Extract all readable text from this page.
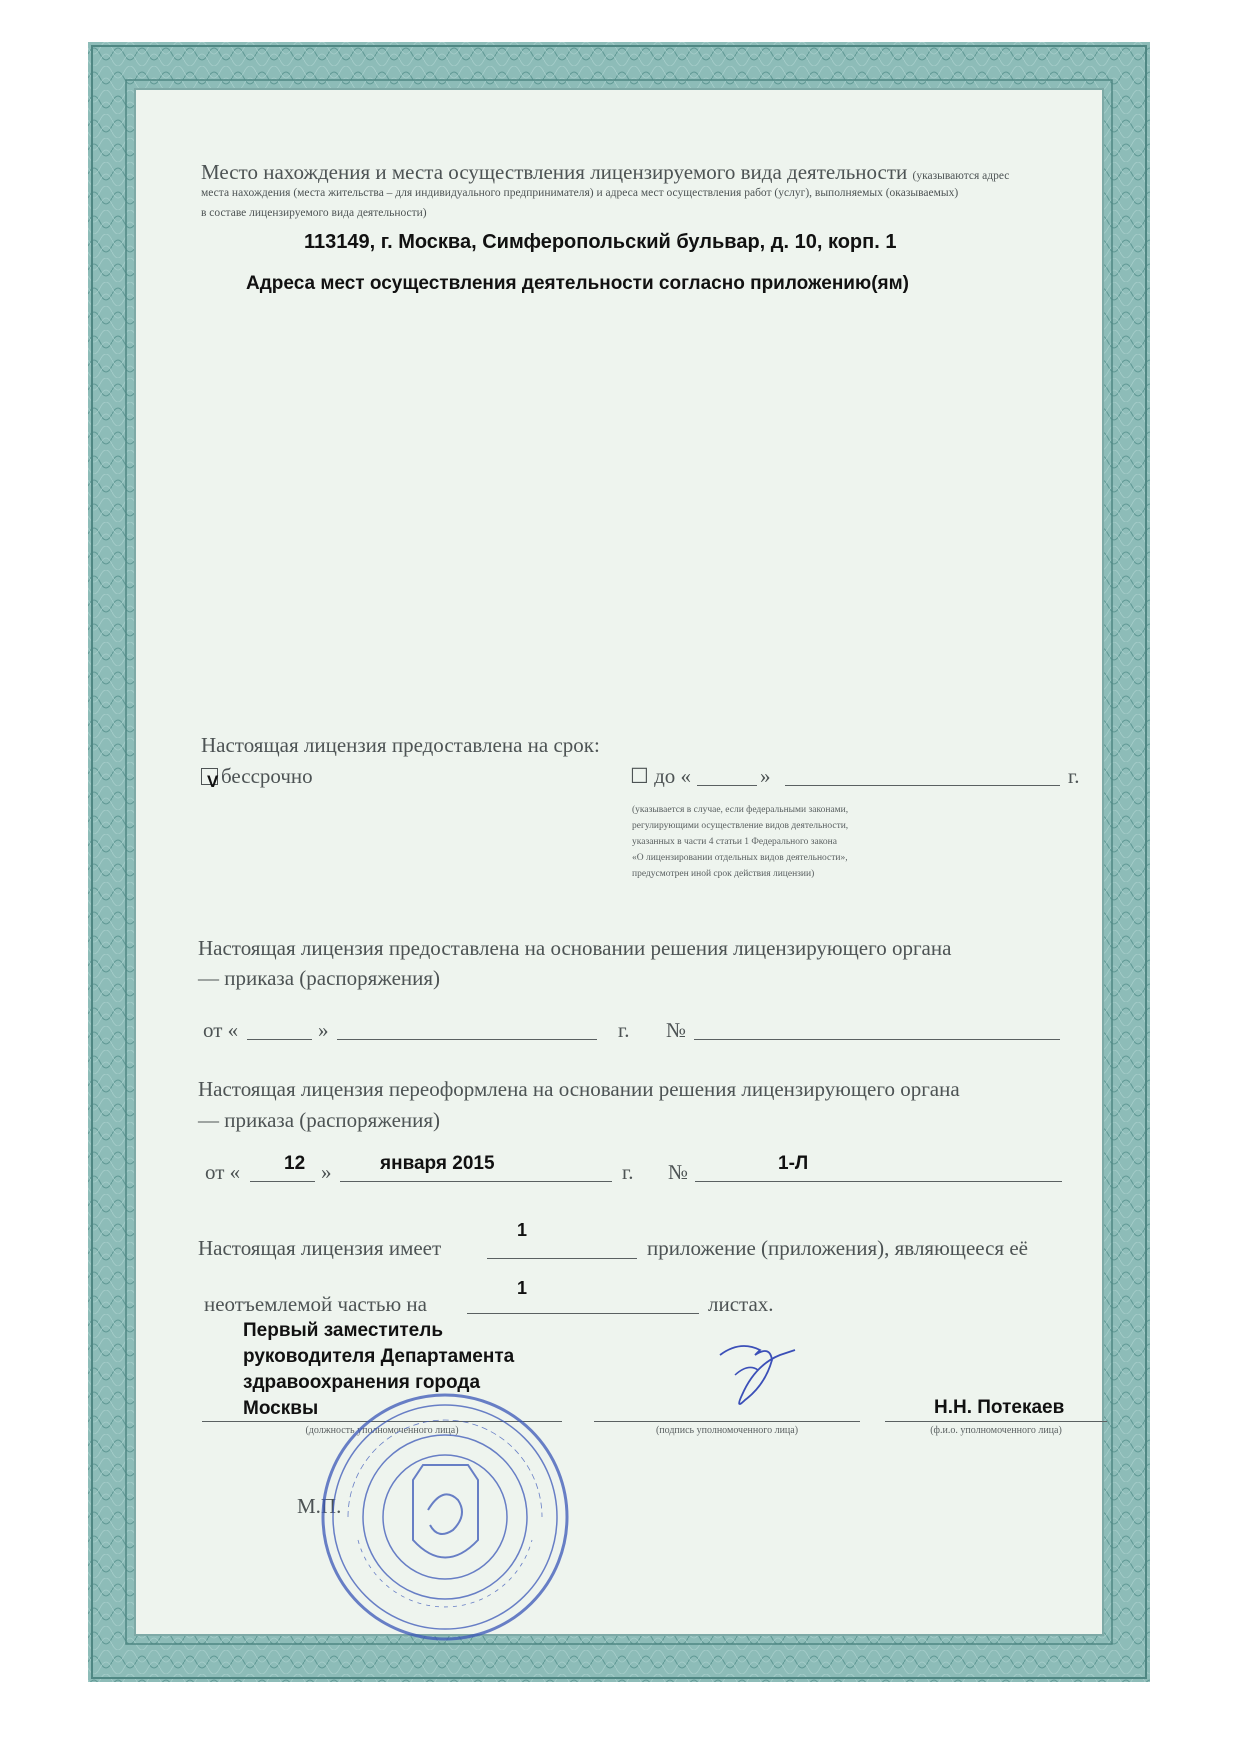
Место нахождения и места осуществления лицензируемого вида деятельности (указываются адрес
места нахождения (места жительства – для индивидуального предпринимателя) и адреса мест осуществления работ (услуг), выполняемых (оказываемых)
в составе лицензируемого вида деятельности)
113149, г. Москва, Симферопольский бульвар, д. 10, корп. 1
Адреса мест осуществления деятельности согласно приложению(ям)
Настоящая лицензия предоставлена на срок:
V бессрочно	☐ до «	»	г.
(указывается в случае, если федеральными законами,
регулирующими осуществление видов деятельности,
указанных в части 4 статьи 1 Федерального закона
«О лицензировании отдельных видов деятельности»,
предусмотрен иной срок действия лицензии)
Настоящая лицензия предоставлена на основании решения лицензирующего органа
— приказа (распоряжения)
от «	»	г. №
Настоящая лицензия переоформлена на основании решения лицензирующего органа
— приказа (распоряжения)
от « 12 »	января 2015	г. №	1-Л
Настоящая лицензия имеет
1
приложение (приложения), являющееся её
неотъемлемой частью на
1
листах.
Первый заместитель
руководителя Департамента
здравоохранения города
Москвы
(должность уполномоченного лица)	(подпись уполномоченного лица)
Н.Н. Потекаев
(ф.и.о. уполномоченного лица)
М.П.
